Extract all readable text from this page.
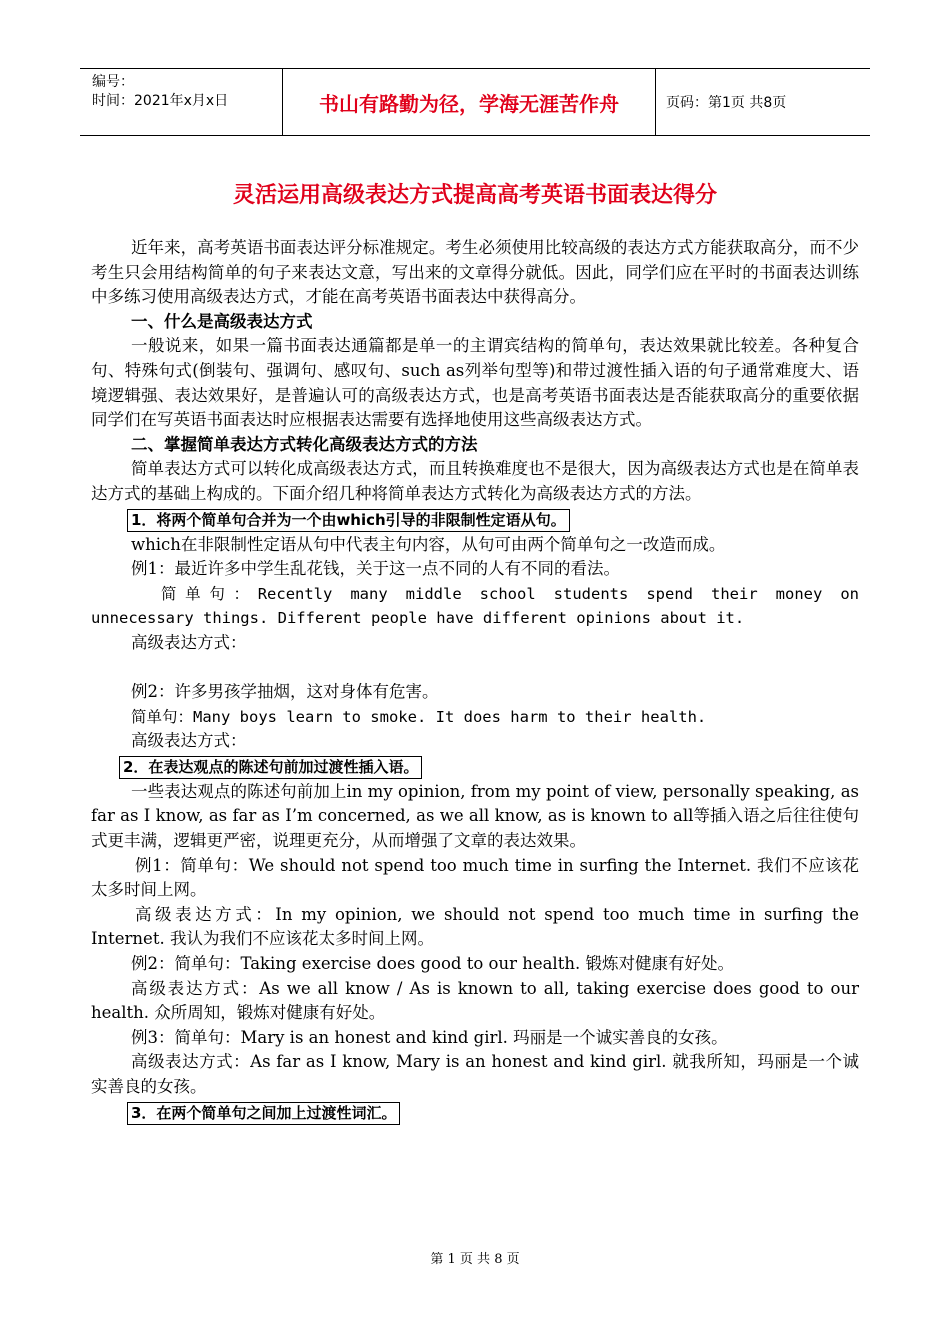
编号：
时间：2021年x月x日	书山有路勤为径，学海无涯苦作舟	页码：第1页 共8页
灵活运用高级表达方式提高高考英语书面表达得分

近年来，高考英语书面表达评分标准规定。考生必须使用比较高级的表达方式方能获取高分，而不少考生只会用结构简单的句子来表达文意，写出来的文章得分就低。因此，同学们应在平时的书面表达训练中多练习使用高级表达方式，才能在高考英语书面表达中获得高分。

一、什么是高级表达方式

一般说来，如果一篇书面表达通篇都是单一的主谓宾结构的简单句，表达效果就比较差。各种复合句、特殊句式(倒装句、强调句、感叹句、such as列举句型等)和带过渡性插入语的句子通常难度大、语境逻辑强、表达效果好，是普遍认可的高级表达方式，也是高考英语书面表达是否能获取高分的重要依据同学们在写英语书面表达时应根据表达需要有选择地使用这些高级表达方式。

二、掌握简单表达方式转化高级表达方式的方法

简单表达方式可以转化成高级表达方式，而且转换难度也不是很大，因为高级表达方式也是在简单表达方式的基础上构成的。下面介绍几种将简单表达方式转化为高级表达方式的方法。

1．将两个简单句合并为一个由which引导的非限制性定语从句。

which在非限制性定语从句中代表主句内容，从句可由两个简单句之一改造而成。

例1：最近许多中学生乱花钱，关于这一点不同的人有不同的看法。

简单句：Recently many middle school students spend their money on unnecessary things. Different people have different opinions about it.

高级表达方式：

例2：许多男孩学抽烟，这对身体有危害。

简单句：Many boys learn to smoke. It does harm to their health.

高级表达方式：

2．在表达观点的陈述句前加过渡性插入语。

一些表达观点的陈述句前加上in my opinion, from my point of view, personally speaking, as far as I know, as far as I’m concerned, as we all know, as is known to all等插入语之后往往使句式更丰满，逻辑更严密，说理更充分，从而增强了文章的表达效果。

例1：简单句：We should not spend too much time in surfing the Internet. 我们不应该花太多时间上网。

高级表达方式：In my opinion, we should not spend too much time in surfing the Internet. 我认为我们不应该花太多时间上网。

例2：简单句：Taking exercise does good to our health. 锻炼对健康有好处。

高级表达方式：As we all know / As is known to all, taking exercise does good to our health. 众所周知，锻炼对健康有好处。

例3：简单句：Mary is an honest and kind girl. 玛丽是一个诚实善良的女孩。

高级表达方式：As far as I know, Mary is an honest and kind girl. 就我所知，玛丽是一个诚实善良的女孩。

3．在两个简单句之间加上过渡性词汇。
第 1 页 共 8 页
